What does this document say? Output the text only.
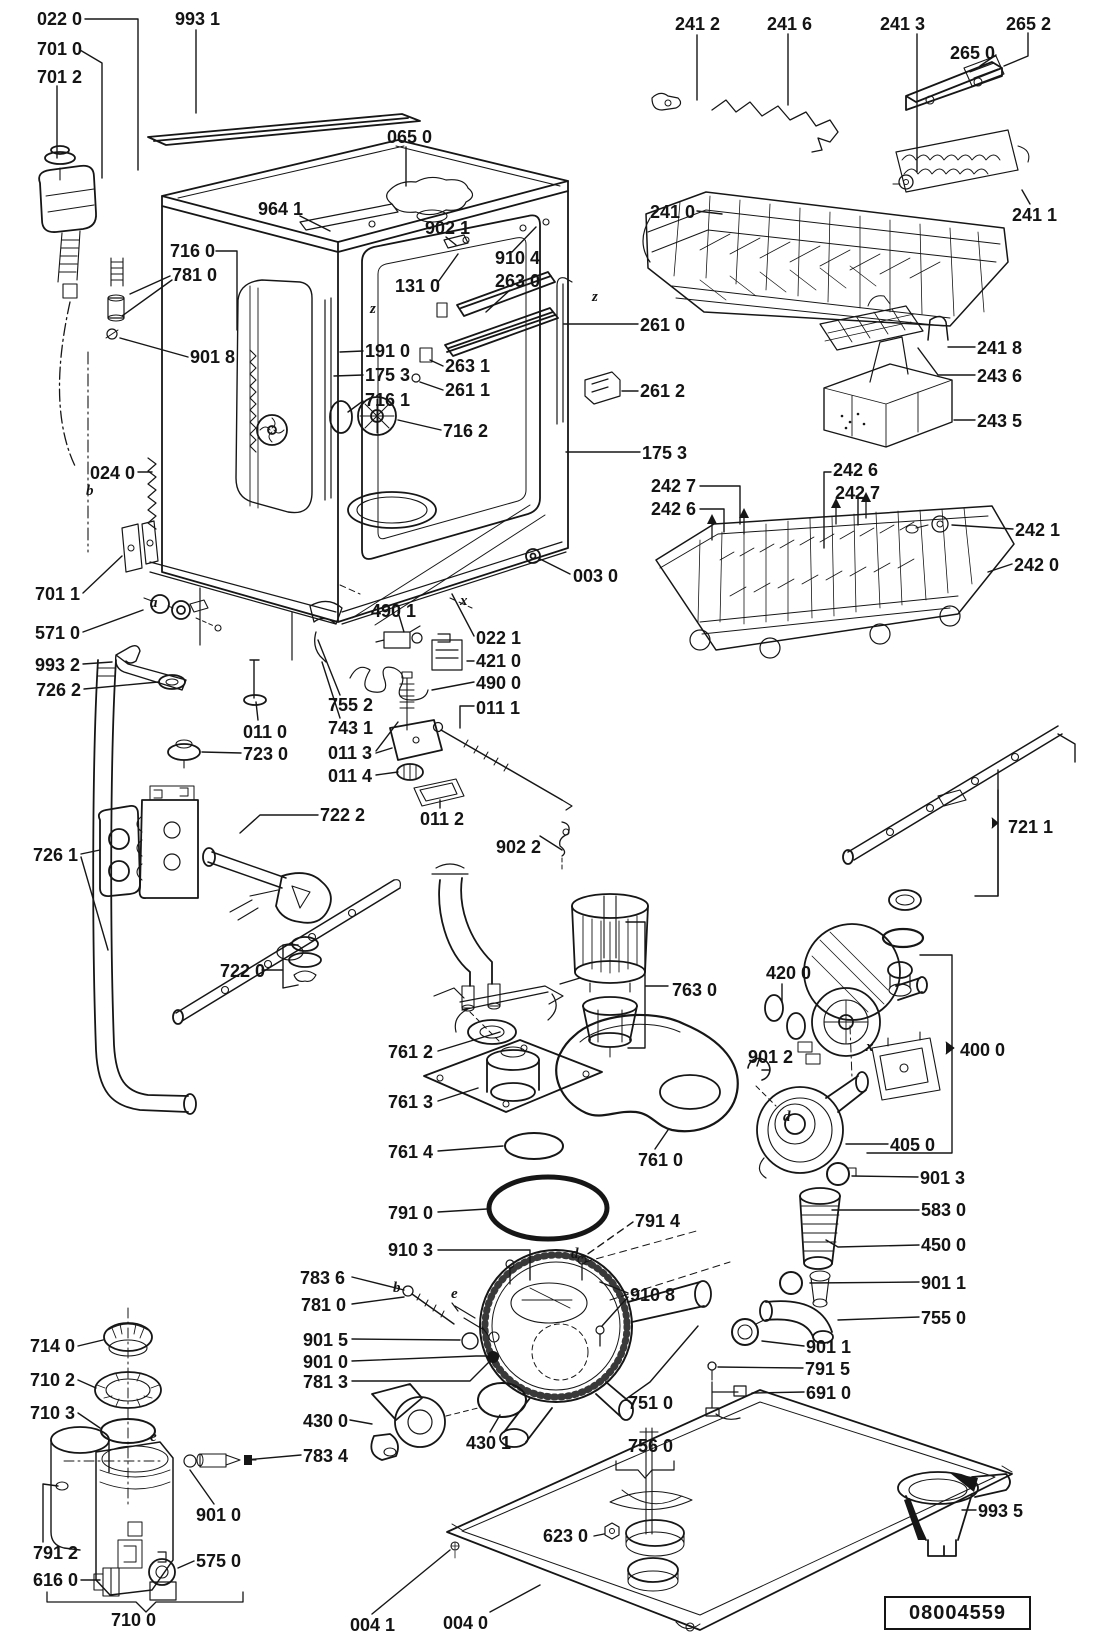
022 0
701 0
701 2
993 1
065 0
964 1
902 1
910 4
263 0
131 0
263 1
261 1
191 0
175 3
716 1
716 2
716 0
781 0
901 8
024 0
261 0
261 2
175 3
241 8
243 6
243 5
242 7
242 6
242 6
242 7
242 1
242 0
241 0
241 2	241 6	241 3	265 2
265 0
241 1
003 0
022 1
421 0
490 0
490 1
011 1
755 2
743 1
011 3
011 4
701 1
571 0
993 2
726 2
011 0
723 0
722 2	011 2
902 2
726 1
722 0
721 1
763 0
761 2
761 3
761 4	761 0
420 0
901 2	400 0
405 0
901 3
583 0
450 0
901 1
755 0
791 0	791 4
910 3
783 6
781 0
901 5
901 0
781 3
910 8
901 1
791 5
691 0
751 0
430 0
430 1
783 4
714 0
710 2
710 3
901 0
791 2
616 0
575 0
710 0
756 0
623 0
004 1	004 0
993 5
z
z
x
x
b
b
d
d
e
e
a
08004559
